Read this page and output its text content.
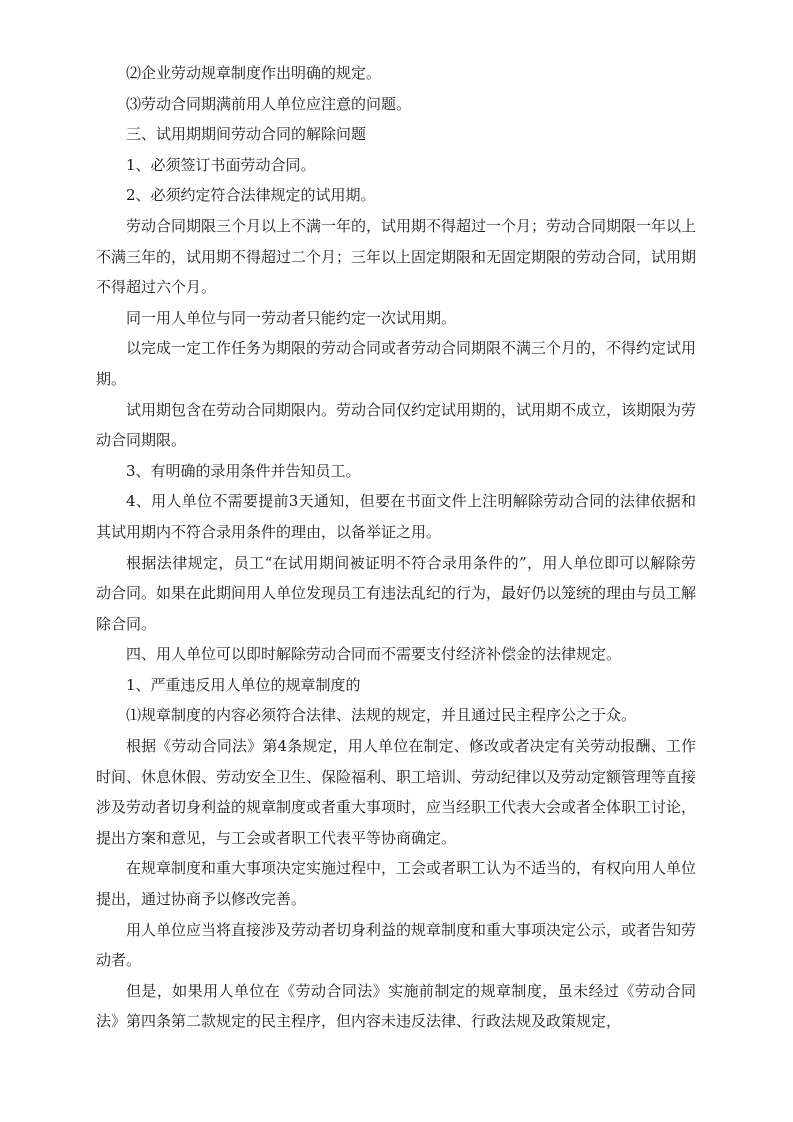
⑵企业劳动规章制度作出明确的规定。

⑶劳动合同期满前用人单位应注意的问题。

三、试用期期间劳动合同的解除问题

1、必须签订书面劳动合同。

2、必须约定符合法律规定的试用期。

劳动合同期限三个月以上不满一年的，试用期不得超过一个月；劳动合同期限一年以上不满三年的，试用期不得超过二个月；三年以上固定期限和无固定期限的劳动合同，试用期不得超过六个月。

同一用人单位与同一劳动者只能约定一次试用期。

以完成一定工作任务为期限的劳动合同或者劳动合同期限不满三个月的，不得约定试用期。

试用期包含在劳动合同期限内。劳动合同仅约定试用期的，试用期不成立，该期限为劳动合同期限。

3、有明确的录用条件并告知员工。

4、用人单位不需要提前3天通知，但要在书面文件上注明解除劳动合同的法律依据和其试用期内不符合录用条件的理由，以备举证之用。

根据法律规定，员工“在试用期间被证明不符合录用条件的”，用人单位即可以解除劳动合同。如果在此期间用人单位发现员工有违法乱纪的行为，最好仍以笼统的理由与员工解除合同。

四、用人单位可以即时解除劳动合同而不需要支付经济补偿金的法律规定。

1、严重违反用人单位的规章制度的

⑴规章制度的内容必须符合法律、法规的规定，并且通过民主程序公之于众。

根据《劳动合同法》第4条规定，用人单位在制定、修改或者决定有关劳动报酬、工作时间、休息休假、劳动安全卫生、保险福利、职工培训、劳动纪律以及劳动定额管理等直接涉及劳动者切身利益的规章制度或者重大事项时，应当经职工代表大会或者全体职工讨论，提出方案和意见，与工会或者职工代表平等协商确定。

在规章制度和重大事项决定实施过程中，工会或者职工认为不适当的，有权向用人单位提出，通过协商予以修改完善。

用人单位应当将直接涉及劳动者切身利益的规章制度和重大事项决定公示，或者告知劳动者。

但是，如果用人单位在《劳动合同法》实施前制定的规章制度，虽未经过《劳动合同法》第四条第二款规定的民主程序，但内容未违反法律、行政法规及政策规定，
